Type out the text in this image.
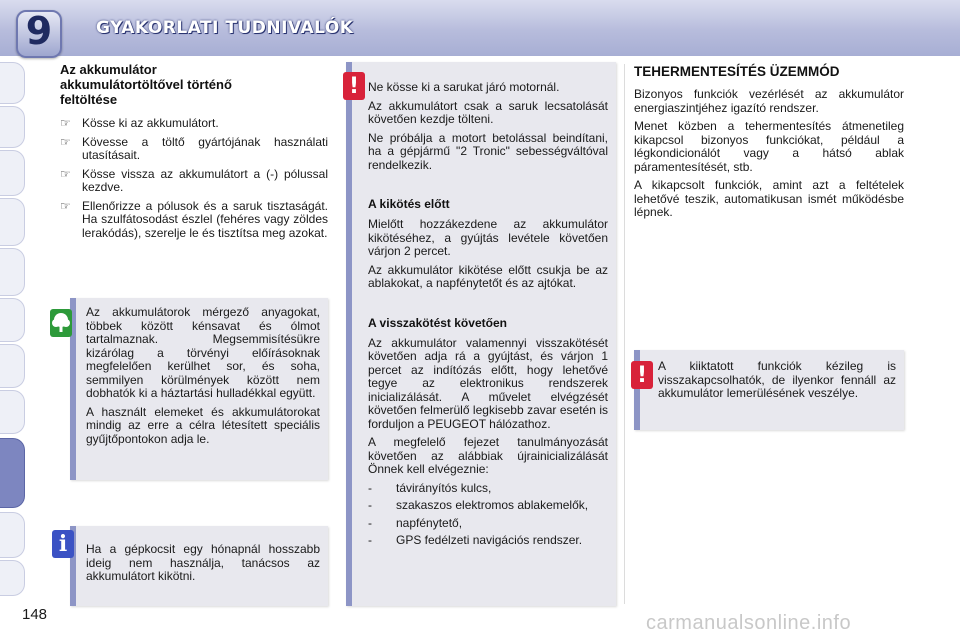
9	GYAKORLATI TUDNIVALÓK
Az akkumulátor
akkumulátortöltővel történő
feltöltése
☞ Kösse ki az akkumulátort.
☞ Kövesse a töltő gyártójának használati utasításait.
☞ Kösse vissza az akkumulátort a (-) pólussal kezdve.
☞ Ellenőrizze a pólusok és a saruk tisztaságát. Ha szulfátosodást észlel (fehéres vagy zöldes lerakódás), szerelje le és tisztítsa meg azokat.

Az akkumulátorok mérgező anyagokat, többek között kénsavat és ólmot tartalmaznak. Megsemmisítésükre kizárólag a törvényi előírásoknak megfelelően kerülhet sor, és soha, semmilyen körülmények között nem dobhatók ki a háztartási hulladékkal együtt.

A használt elemeket és akkumulátorokat mindig az erre a célra létesített speciális gyűjtőpontokon adja le.

Ha a gépkocsit egy hónapnál hosszabb ideig nem használja, tanácsos az akkumulátort kikötni.

i

Ne kösse ki a sarukat járó motornál.

Az akkumulátort csak a saruk lecsatolását követően kezdje tölteni.

Ne próbálja a motort betolással beindítani, ha a gépjármű "2 Tronic" sebességváltóval rendelkezik.

A kikötés előtt

Mielőtt hozzákezdene az akkumulátor kikötéséhez, a gyújtás levétele követően várjon 2 percet.

Az akkumulátor kikötése előtt csukja be az ablakokat, a napfénytetőt és az ajtókat.

A visszakötést követően

Az akkumulátor valamennyi visszakötését követően adja rá a gyújtást, és várjon 1 percet az indítózás előtt, hogy lehetővé tegye az elektronikus rendszerek inicializálását. A művelet elvégzését követően felmerülő legkisebb zavar esetén is forduljon a PEUGEOT hálózathoz.

A megfelelő fejezet tanulmányozását követően az alábbiak újrainicializálását Önnek kell elvégeznie:

- távirányítós kulcs,
- szakaszos elektromos ablakemelők,
- napfénytető,
- GPS fedélzeti navigációs rendszer.
!
TEHERMENTESÍTÉS ÜZEMMÓD

Bizonyos funkciók vezérlését az akkumulátor energiaszintjéhez igazító rendszer.

Menet közben a tehermentesítés átmenetileg kikapcsol bizonyos funkciókat, például a légkondicionálót vagy a hátsó ablak páramentesítését, stb.

A kikapcsolt funkciók, amint azt a feltételek lehetővé teszik, automatikusan ismét működésbe lépnek.

A kiiktatott funkciók kézileg is visszakapcsolhatók, de ilyenkor fennáll az akkumulátor lemerülésének veszélye.

!
148	carmanualsonline.info
